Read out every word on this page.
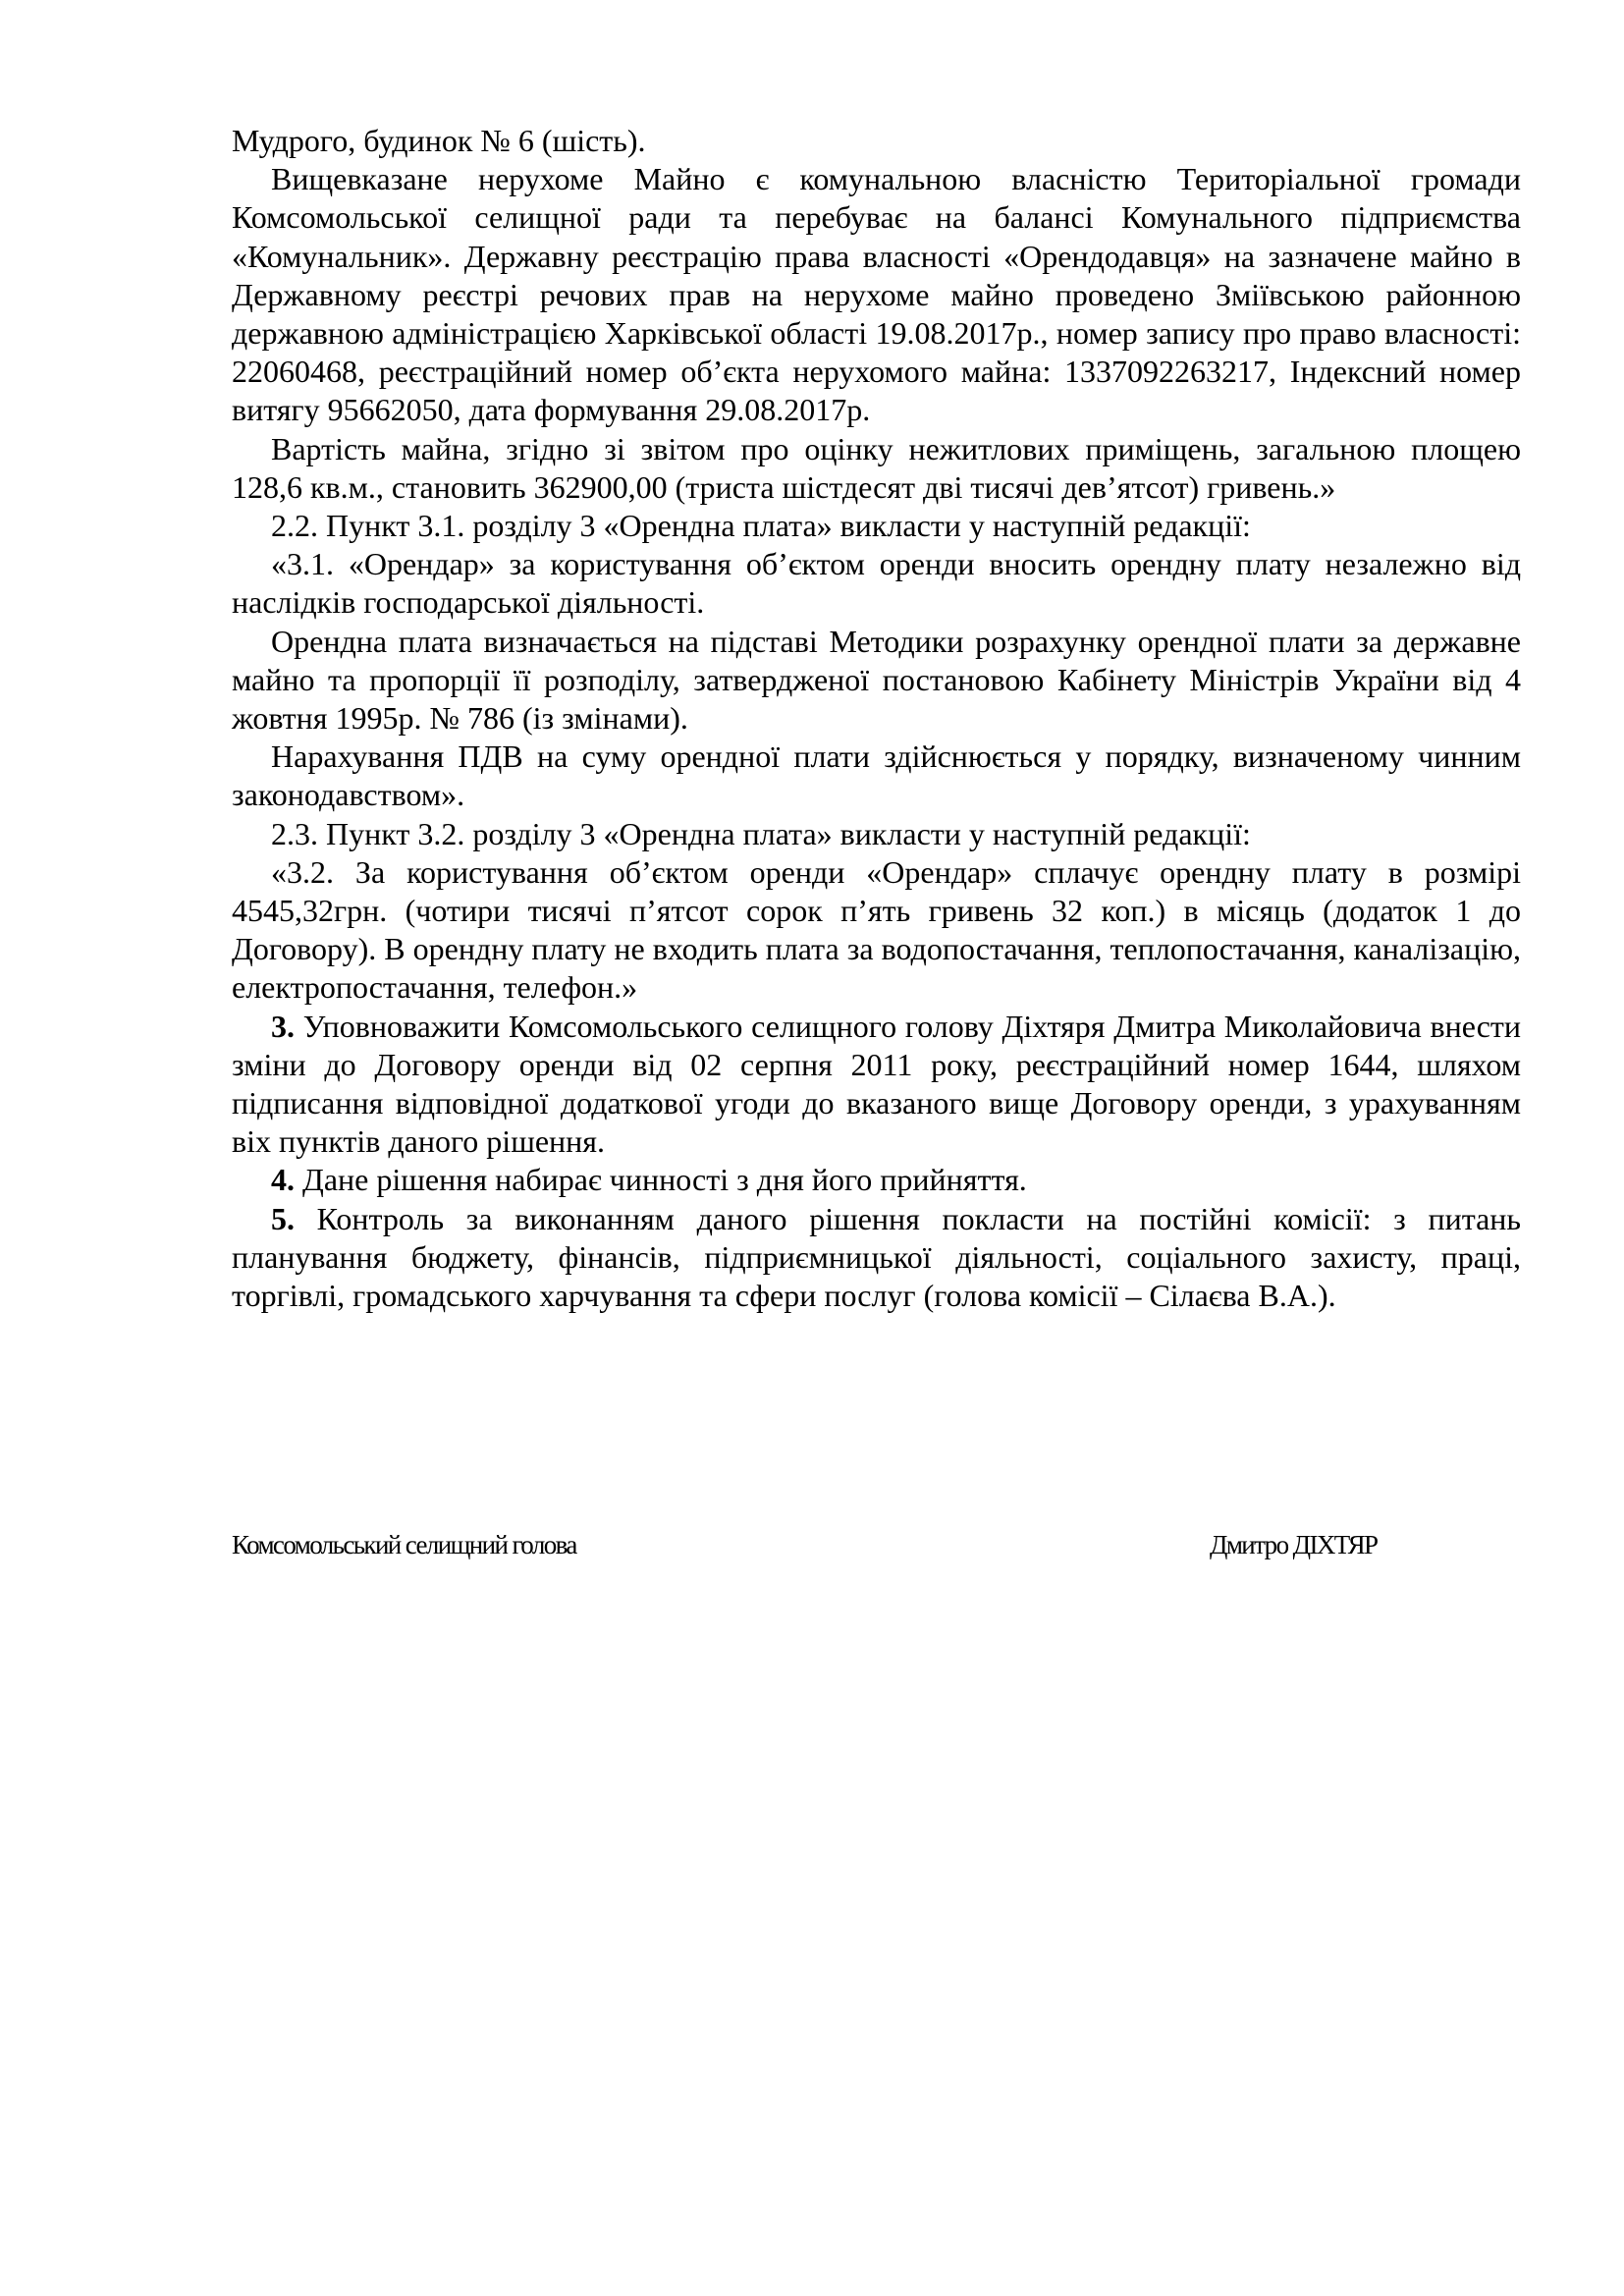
Мудрого, будинок № 6 (шість).

Вищевказане нерухоме Майно є комунальною власністю Територіальної громади Комсомольської селищної ради та перебуває на балансі Комунального підприємства «Комунальник». Державну реєстрацію права власності «Орендодавця» на зазначене майно в Державному реєстрі речових прав на нерухоме майно проведено Зміївською районною державною адміністрацією Харківської області 19.08.2017р., номер запису про право власності: 22060468, реєстраційний номер об’єкта нерухомого майна: 1337092263217, Індексний номер витягу 95662050, дата формування 29.08.2017р.

Вартість майна, згідно зі звітом про оцінку нежитлових приміщень, загальною площею 128,6 кв.м., становить 362900,00 (триста шістдесят дві тисячі дев’ятсот) гривень.»

2.2. Пункт 3.1. розділу 3 «Орендна плата» викласти у наступній редакції:

«3.1. «Орендар» за користування об’єктом оренди вносить орендну плату незалежно від наслідків господарської діяльності.

Орендна плата визначається на підставі Методики розрахунку орендної плати за державне майно та пропорції її розподілу, затвердженої постановою Кабінету Міністрів України від 4 жовтня 1995р. № 786 (із змінами).

Нарахування ПДВ на суму орендної плати здійснюється у порядку, визначеному чинним законодавством».

2.3. Пункт 3.2. розділу 3 «Орендна плата» викласти у наступній редакції:

«3.2. За користування об’єктом оренди «Орендар» сплачує орендну плату в розмірі 4545,32грн. (чотири тисячі п’ятсот сорок п’ять гривень 32 коп.) в місяць (додаток 1 до Договору). В орендну плату не входить плата за водопостачання, теплопостачання, каналізацію, електропостачання, телефон.»

3. Уповноважити Комсомольського селищного голову Діхтяря Дмитра Миколайовича внести зміни до Договору оренди від 02 серпня 2011 року, реєстраційний номер 1644, шляхом підписання відповідної додаткової угоди до вказаного вище Договору оренди, з урахуванням віх пунктів даного рішення.

4. Дане рішення набирає чинності з дня його прийняття.

5. Контроль за виконанням даного рішення покласти на постійні комісії: з питань планування бюджету, фінансів, підприємницької діяльності, соціального захисту, праці, торгівлі, громадського харчування та сфери послуг (голова комісії – Сілаєва В.А.).

Комсомольський селищний голова	Дмитро ДІХТЯР
